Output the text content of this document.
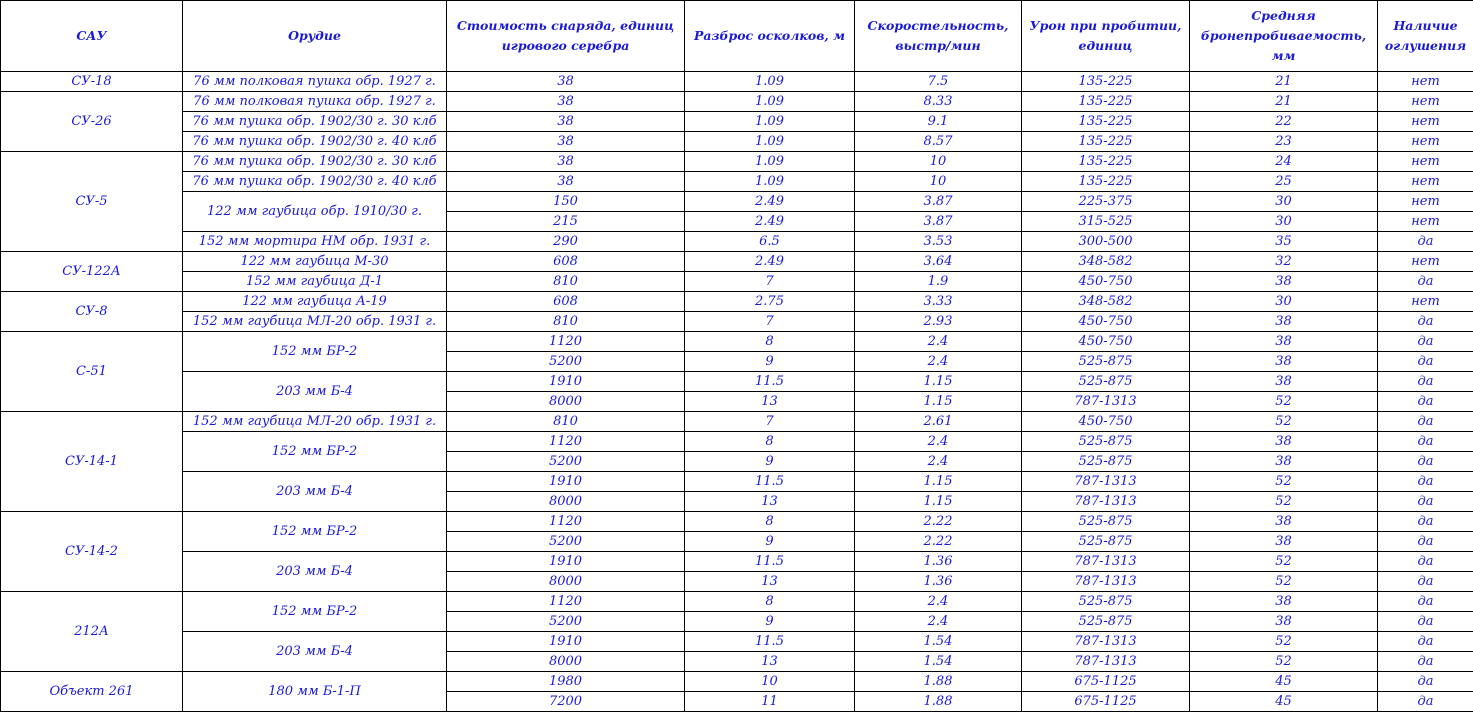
САУ	Орудие	Стоимость снаряда, единиц игрового серебра	Разброс осколков, м	Скоростельность, выстр/мин	Урон при пробитии, единиц	Средняя бронепробиваемость, мм	Наличие оглушения
СУ-18	76 мм полковая пушка обр. 1927 г.	38	1.09	7.5	135-225	21	нет
СУ-26	76 мм полковая пушка обр. 1927 г.	38	1.09	8.33	135-225	21	нет
	76 мм пушка обр. 1902/30 г. 30 клб	38	1.09	9.1	135-225	22	нет
	76 мм пушка обр. 1902/30 г. 40 клб	38	1.09	8.57	135-225	23	нет
СУ-5	76 мм пушка обр. 1902/30 г. 30 клб	38	1.09	10	135-225	24	нет
	76 мм пушка обр. 1902/30 г. 40 клб	38	1.09	10	135-225	25	нет
	122 мм гаубица обр. 1910/30 г.	150	2.49	3.87	225-375	30	нет
		215	2.49	3.87	315-525	30	нет
	152 мм мортира НМ обр. 1931 г.	290	6.5	3.53	300-500	35	да
СУ-122А	122 мм гаубица М-30	608	2.49	3.64	348-582	32	нет
	152 мм гаубица Д-1	810	7	1.9	450-750	38	да
СУ-8	122 мм гаубица А-19	608	2.75	3.33	348-582	30	нет
	152 мм гаубица МЛ-20 обр. 1931 г.	810	7	2.93	450-750	38	да
С-51	152 мм БР-2	1120	8	2.4	450-750	38	да
		5200	9	2.4	525-875	38	да
	203 мм Б-4	1910	11.5	1.15	525-875	38	да
		8000	13	1.15	787-1313	52	да
СУ-14-1	152 мм гаубица МЛ-20 обр. 1931 г.	810	7	2.61	450-750	52	да
	152 мм БР-2	1120	8	2.4	525-875	38	да
		5200	9	2.4	525-875	38	да
	203 мм Б-4	1910	11.5	1.15	787-1313	52	да
		8000	13	1.15	787-1313	52	да
СУ-14-2	152 мм БР-2	1120	8	2.22	525-875	38	да
		5200	9	2.22	525-875	38	да
	203 мм Б-4	1910	11.5	1.36	787-1313	52	да
		8000	13	1.36	787-1313	52	да
212А	152 мм БР-2	1120	8	2.4	525-875	38	да
		5200	9	2.4	525-875	38	да
	203 мм Б-4	1910	11.5	1.54	787-1313	52	да
		8000	13	1.54	787-1313	52	да
Объект 261	180 мм Б-1-П	1980	10	1.88	675-1125	45	да
		7200	11	1.88	675-1125	45	да
